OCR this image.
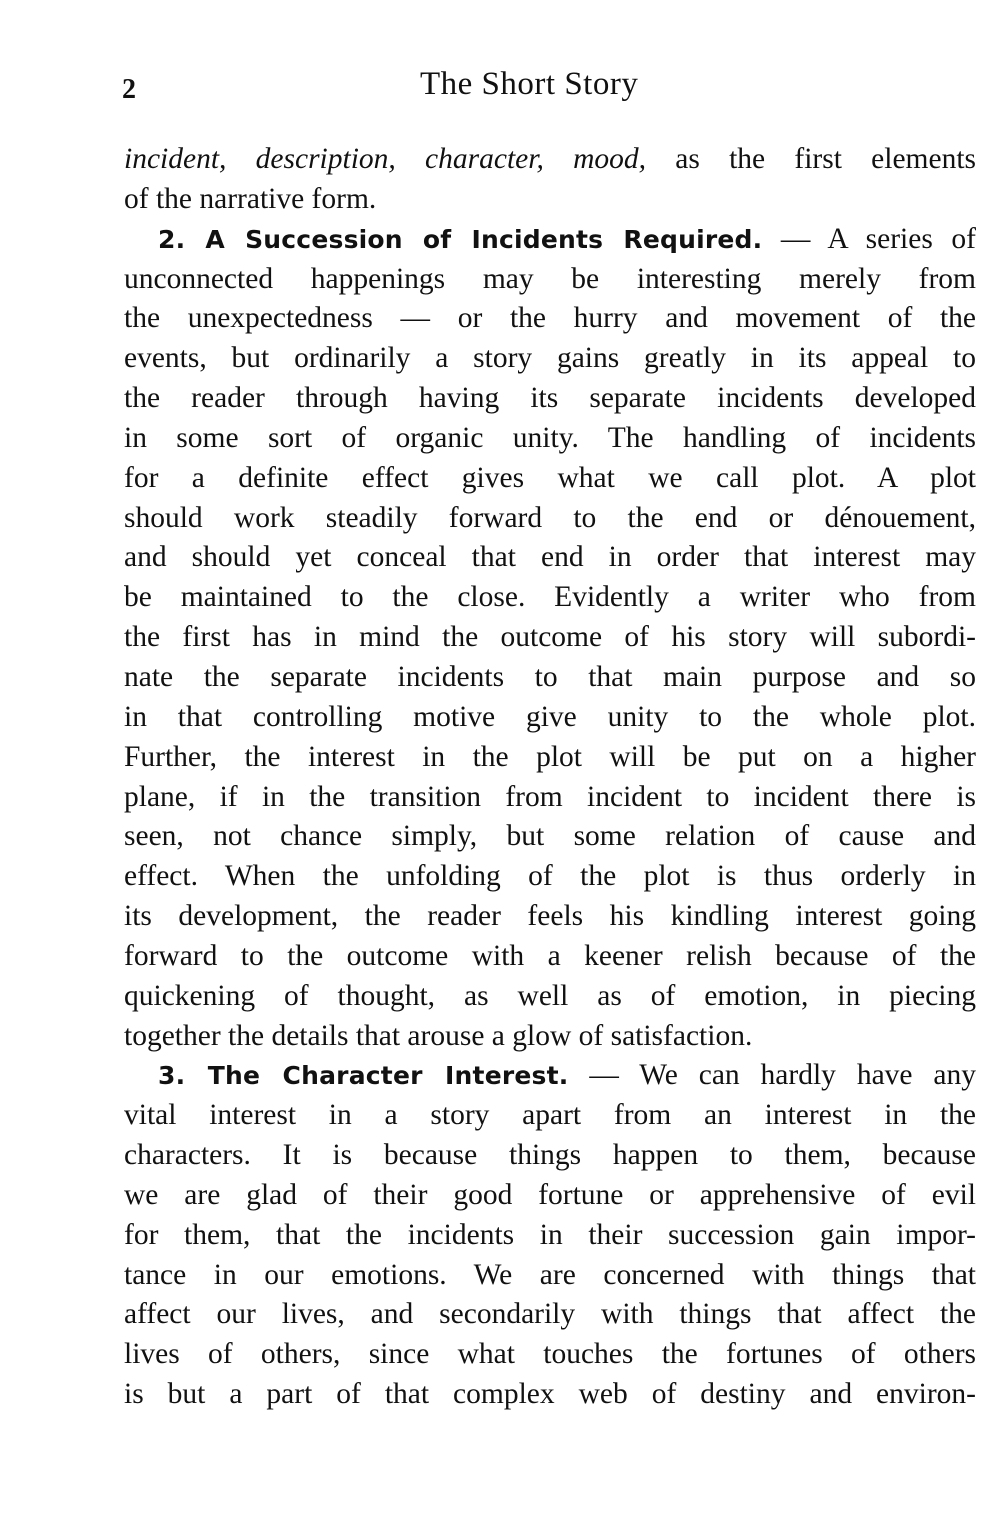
2	The Short Story
incident, description, character, mood, as the first elements
of the narrative form.
2. A Succession of Incidents Required. — A series of
unconnected happenings may be interesting merely from
the unexpectedness — or the hurry and movement of the
events, but ordinarily a story gains greatly in its appeal to
the reader through having its separate incidents developed
in some sort of organic unity. The handling of incidents
for a definite effect gives what we call plot. A plot
should work steadily forward to the end or dénouement,
and should yet conceal that end in order that interest may
be maintained to the close. Evidently a writer who from
the first has in mind the outcome of his story will subordi-
nate the separate incidents to that main purpose and so
in that controlling motive give unity to the whole plot.
Further, the interest in the plot will be put on a higher
plane, if in the transition from incident to incident there is
seen, not chance simply, but some relation of cause and
effect. When the unfolding of the plot is thus orderly in
its development, the reader feels his kindling interest going
forward to the outcome with a keener relish because of the
quickening of thought, as well as of emotion, in piecing
together the details that arouse a glow of satisfaction.
3. The Character Interest. — We can hardly have any
vital interest in a story apart from an interest in the
characters. It is because things happen to them, because
we are glad of their good fortune or apprehensive of evil
for them, that the incidents in their succession gain impor-
tance in our emotions. We are concerned with things that
affect our lives, and secondarily with things that affect the
lives of others, since what touches the fortunes of others
is but a part of that complex web of destiny and environ-
